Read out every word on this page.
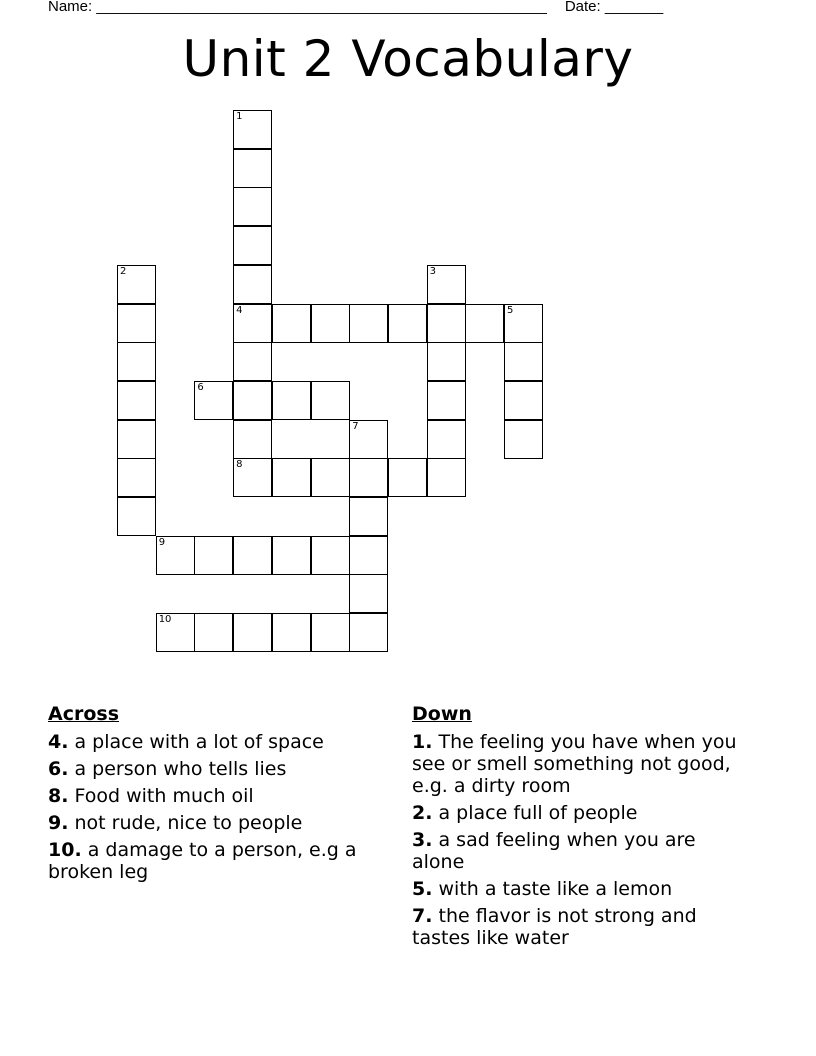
Name: ______________________________________________________ Date: _______
Unit 2 Vocabulary
1
4
8
2	3
5
6
7
9
10
Across
4. a place with a lot of space
6. a person who tells lies
8. Food with much oil
9. not rude, nice to people
10. a damage to a person, e.g a broken leg
Down
1. The feeling you have when you see or smell something not good, e.g. a dirty room
2. a place full of people
3. a sad feeling when you are alone
5. with a taste like a lemon
7. the flavor is not strong and tastes like water
